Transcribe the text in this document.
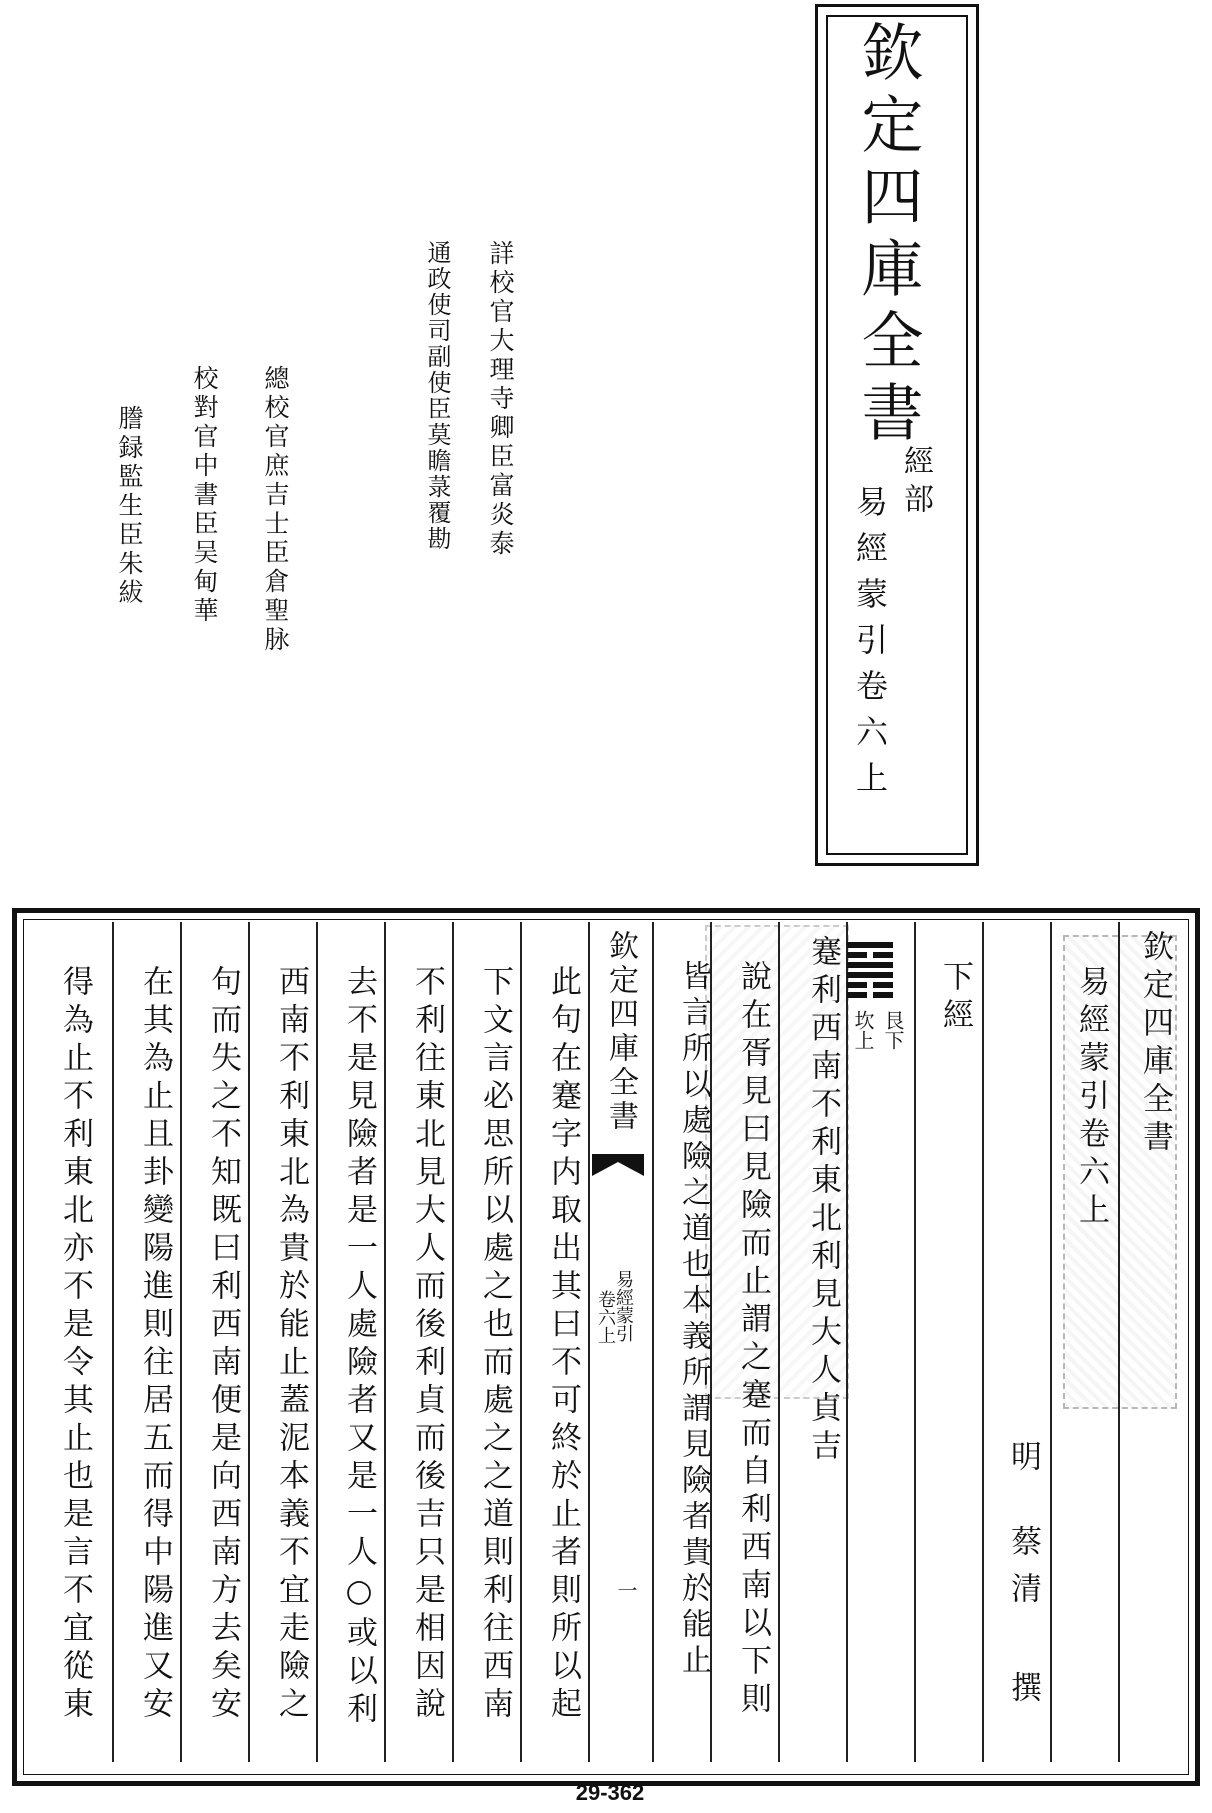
欽定四庫全書
經部
易經蒙引卷六上
詳校官大理寺卿臣富炎泰
通政使司副使臣莫瞻菉覆勘
總校官庶吉士臣倉聖脉
校對官中書臣吴甸華
謄録監生臣朱紱
欽定四庫全書
易經蒙引卷六上
明
蔡清 撰
下經
艮下
坎上
蹇利西南不利東北利見大人貞吉
說在胥見曰見險而止謂之蹇而自利西南以下則
皆言所以處險之道也本義所謂見險者貴於能止
欽定四庫全書
易經蒙引
卷六上
一
此句在蹇字内取出其曰不可終於止者則所以起
下文言必思所以處之也而處之之道則利往西南
不利往東北見大人而後利貞而後吉只是相因說
去不是見險者是一人處險者又是一人○或以利
西南不利東北為貴於能止蓋泥本義不宜走險之
句而失之不知既曰利西南便是向西南方去矣安
在其為止且卦變陽進則往居五而得中陽進又安
得為止不利東北亦不是令其止也是言不宜從東
29-362
